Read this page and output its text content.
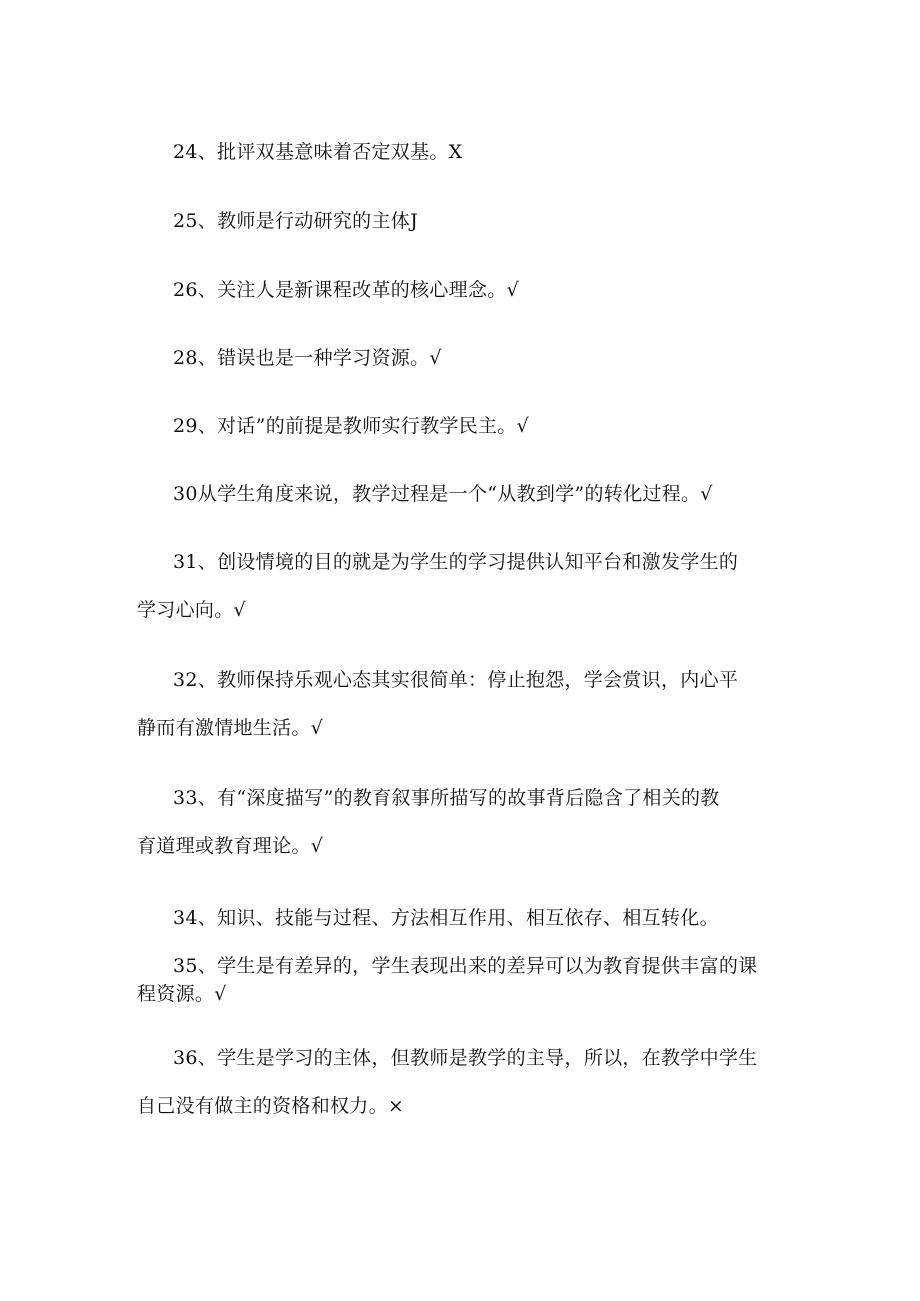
24、批评双基意味着否定双基。X
25、教师是行动研究的主体J
26、关注人是新课程改革的核心理念。√
28、错误也是一种学习资源。√
29、对话”的前提是教师实行教学民主。√
30从学生角度来说，教学过程是一个“从教到学”的转化过程。√
31、创设情境的目的就是为学生的学习提供认知平台和激发学生的
学习心向。√
32、教师保持乐观心态其实很简单：停止抱怨，学会赏识，内心平
静而有激情地生活。√
33、有“深度描写”的教育叙事所描写的故事背后隐含了相关的教
育道理或教育理论。√
34、知识、技能与过程、方法相互作用、相互依存、相互转化。
35、学生是有差异的，学生表现出来的差异可以为教育提供丰富的课
程资源。√
36、学生是学习的主体，但教师是教学的主导，所以，在教学中学生
自己没有做主的资格和权力。×
